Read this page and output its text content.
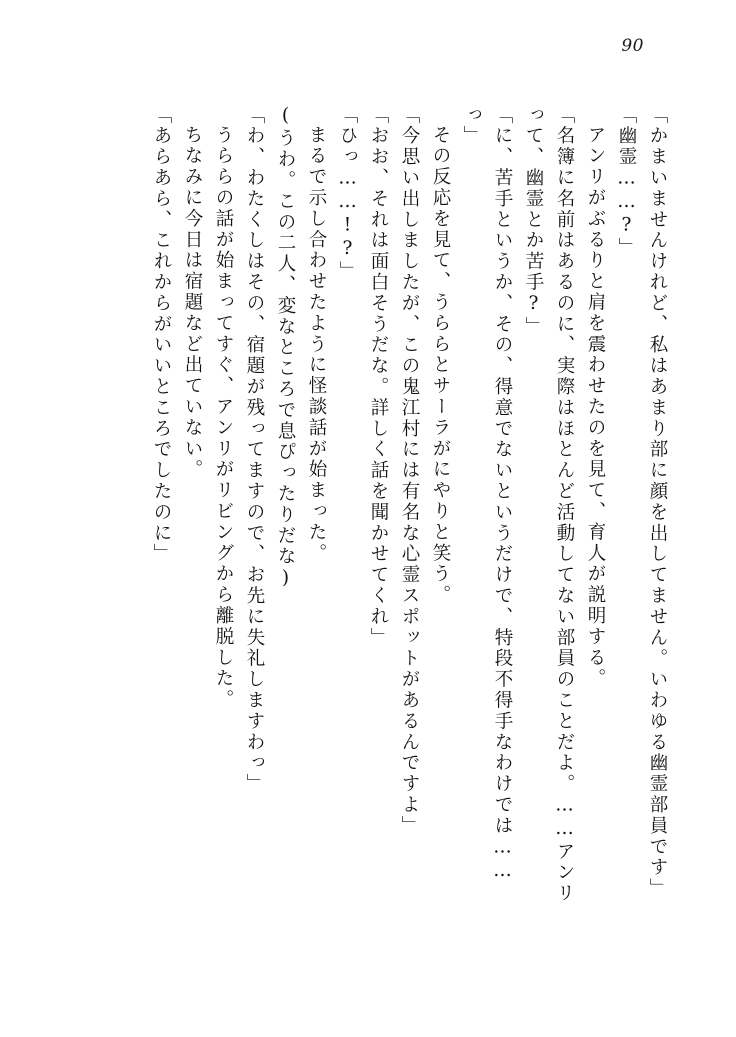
90
「かまいませんけれど、私はあまり部に顔を出してません。いわゆる幽霊部員です」
「幽霊……?」
アンリがぶるりと肩を震わせたのを見て、育人が説明する。
「名簿に名前はあるのに、実際はほとんど活動してない部員のことだよ。……アンリ
って、幽霊とか苦手?」
「に、苦手というか、その、得意でないというだけで、特段不得手なわけでは……
っ」
その反応を見て、うららとサーラがにやりと笑う。
「今思い出しましたが、この鬼江村には有名な心霊スポットがあるんですよ」
「おお、それは面白そうだな。詳しく話を聞かせてくれ」
「ひっ……!?」
まるで示し合わせたように怪談話が始まった。
(うわ。この二人、変なところで息ぴったりだな)
「わ、わたくしはその、宿題が残ってますので、お先に失礼しますわっ」
うららの話が始まってすぐ、アンリがリビングから離脱した。
ちなみに今日は宿題など出ていない。
「あらあら、これからがいいところでしたのに」
